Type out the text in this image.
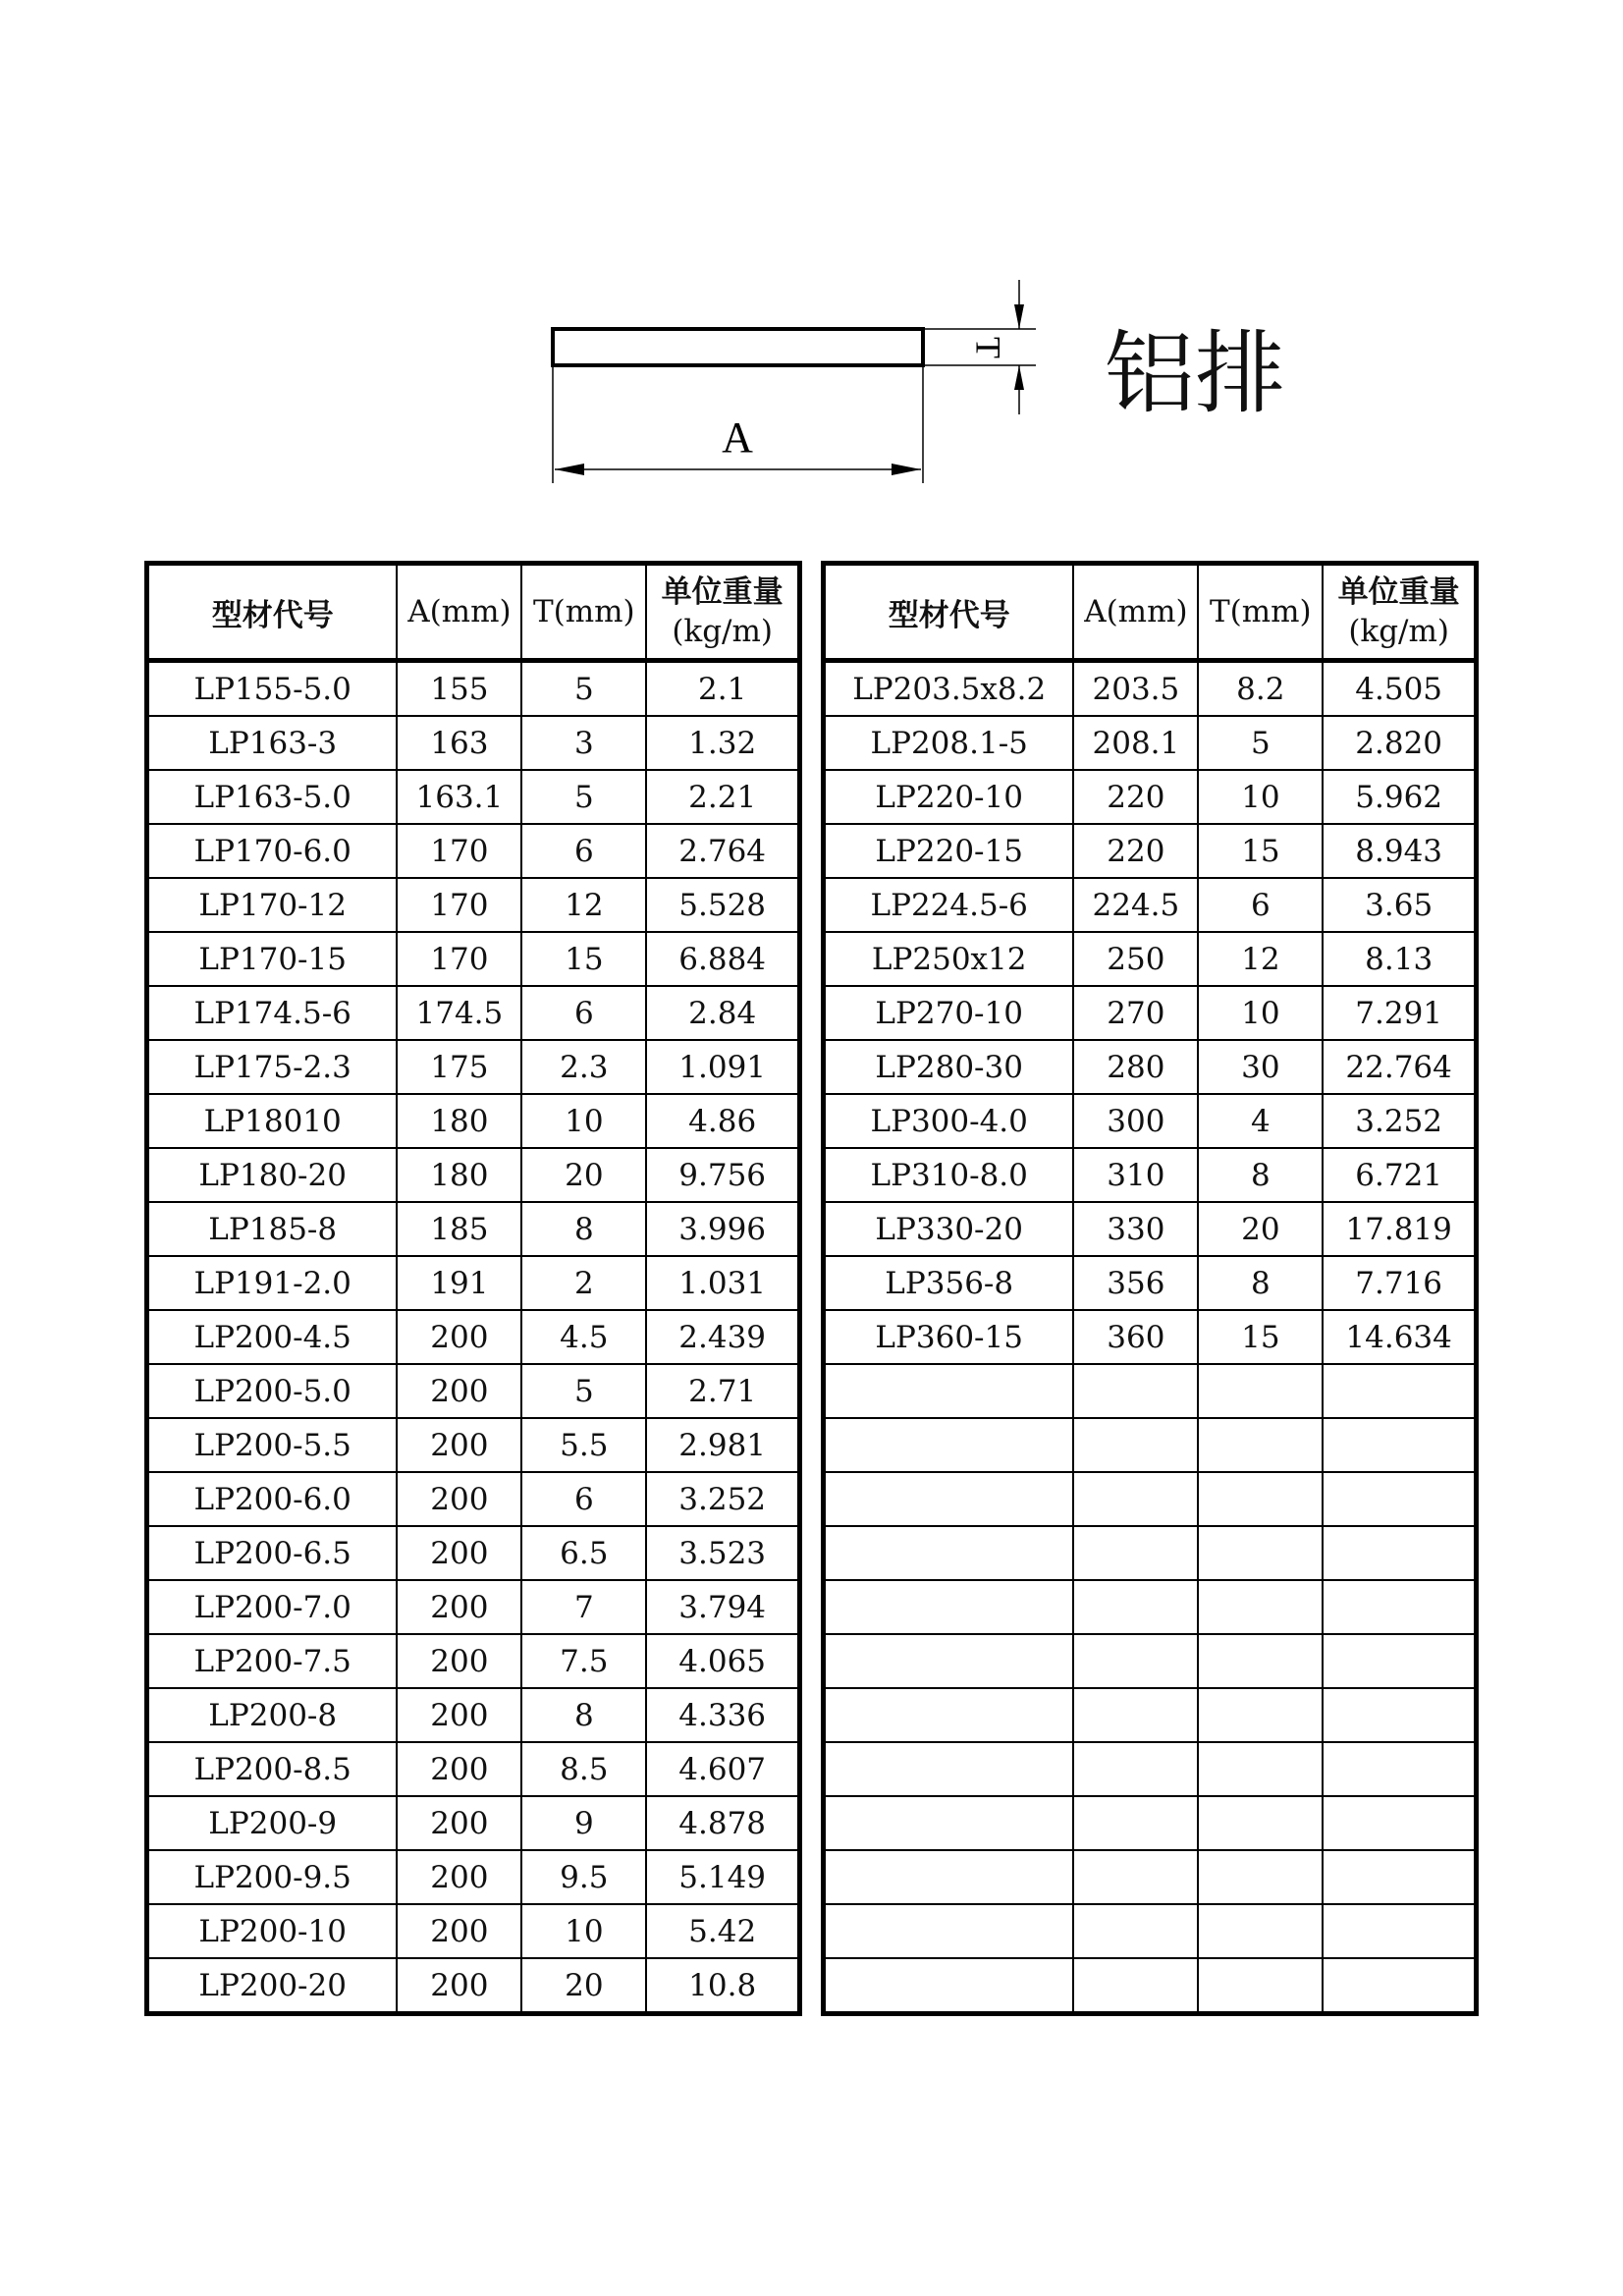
A
T 铝排
型材代号	A(mm)	T(mm)	单位重量
(kg/m)

LP155-5.0	155	5	2.1
LP163-3	163	3	1.32
LP163-5.0	163.1	5	2.21
LP170-6.0	170	6	2.764
LP170-12	170	12	5.528
LP170-15	170	15	6.884
LP174.5-6	174.5	6	2.84
LP175-2.3	175	2.3	1.091
LP18010	180	10	4.86
LP180-20	180	20	9.756
LP185-8	185	8	3.996
LP191-2.0	191	2	1.031
LP200-4.5	200	4.5	2.439
LP200-5.0	200	5	2.71
LP200-5.5	200	5.5	2.981
LP200-6.0	200	6	3.252
LP200-6.5	200	6.5	3.523
LP200-7.0	200	7	3.794
LP200-7.5	200	7.5	4.065
LP200-8	200	8	4.336
LP200-8.5	200	8.5	4.607
LP200-9	200	9	4.878
LP200-9.5	200	9.5	5.149
LP200-10	200	10	5.42
LP200-20	200	20	10.8
型材代号	A(mm)	T(mm)	单位重量
(kg/m)

LP203.5x8.2	203.5	8.2	4.505
LP208.1-5	208.1	5	2.820
LP220-10	220	10	5.962
LP220-15	220	15	8.943
LP224.5-6	224.5	6	3.65
LP250x12	250	12	8.13
LP270-10	270	10	7.291
LP280-30	280	30	22.764
LP300-4.0	300	4	3.252
LP310-8.0	310	8	6.721
LP330-20	330	20	17.819
LP356-8	356	8	7.716
LP360-15	360	15	14.634
